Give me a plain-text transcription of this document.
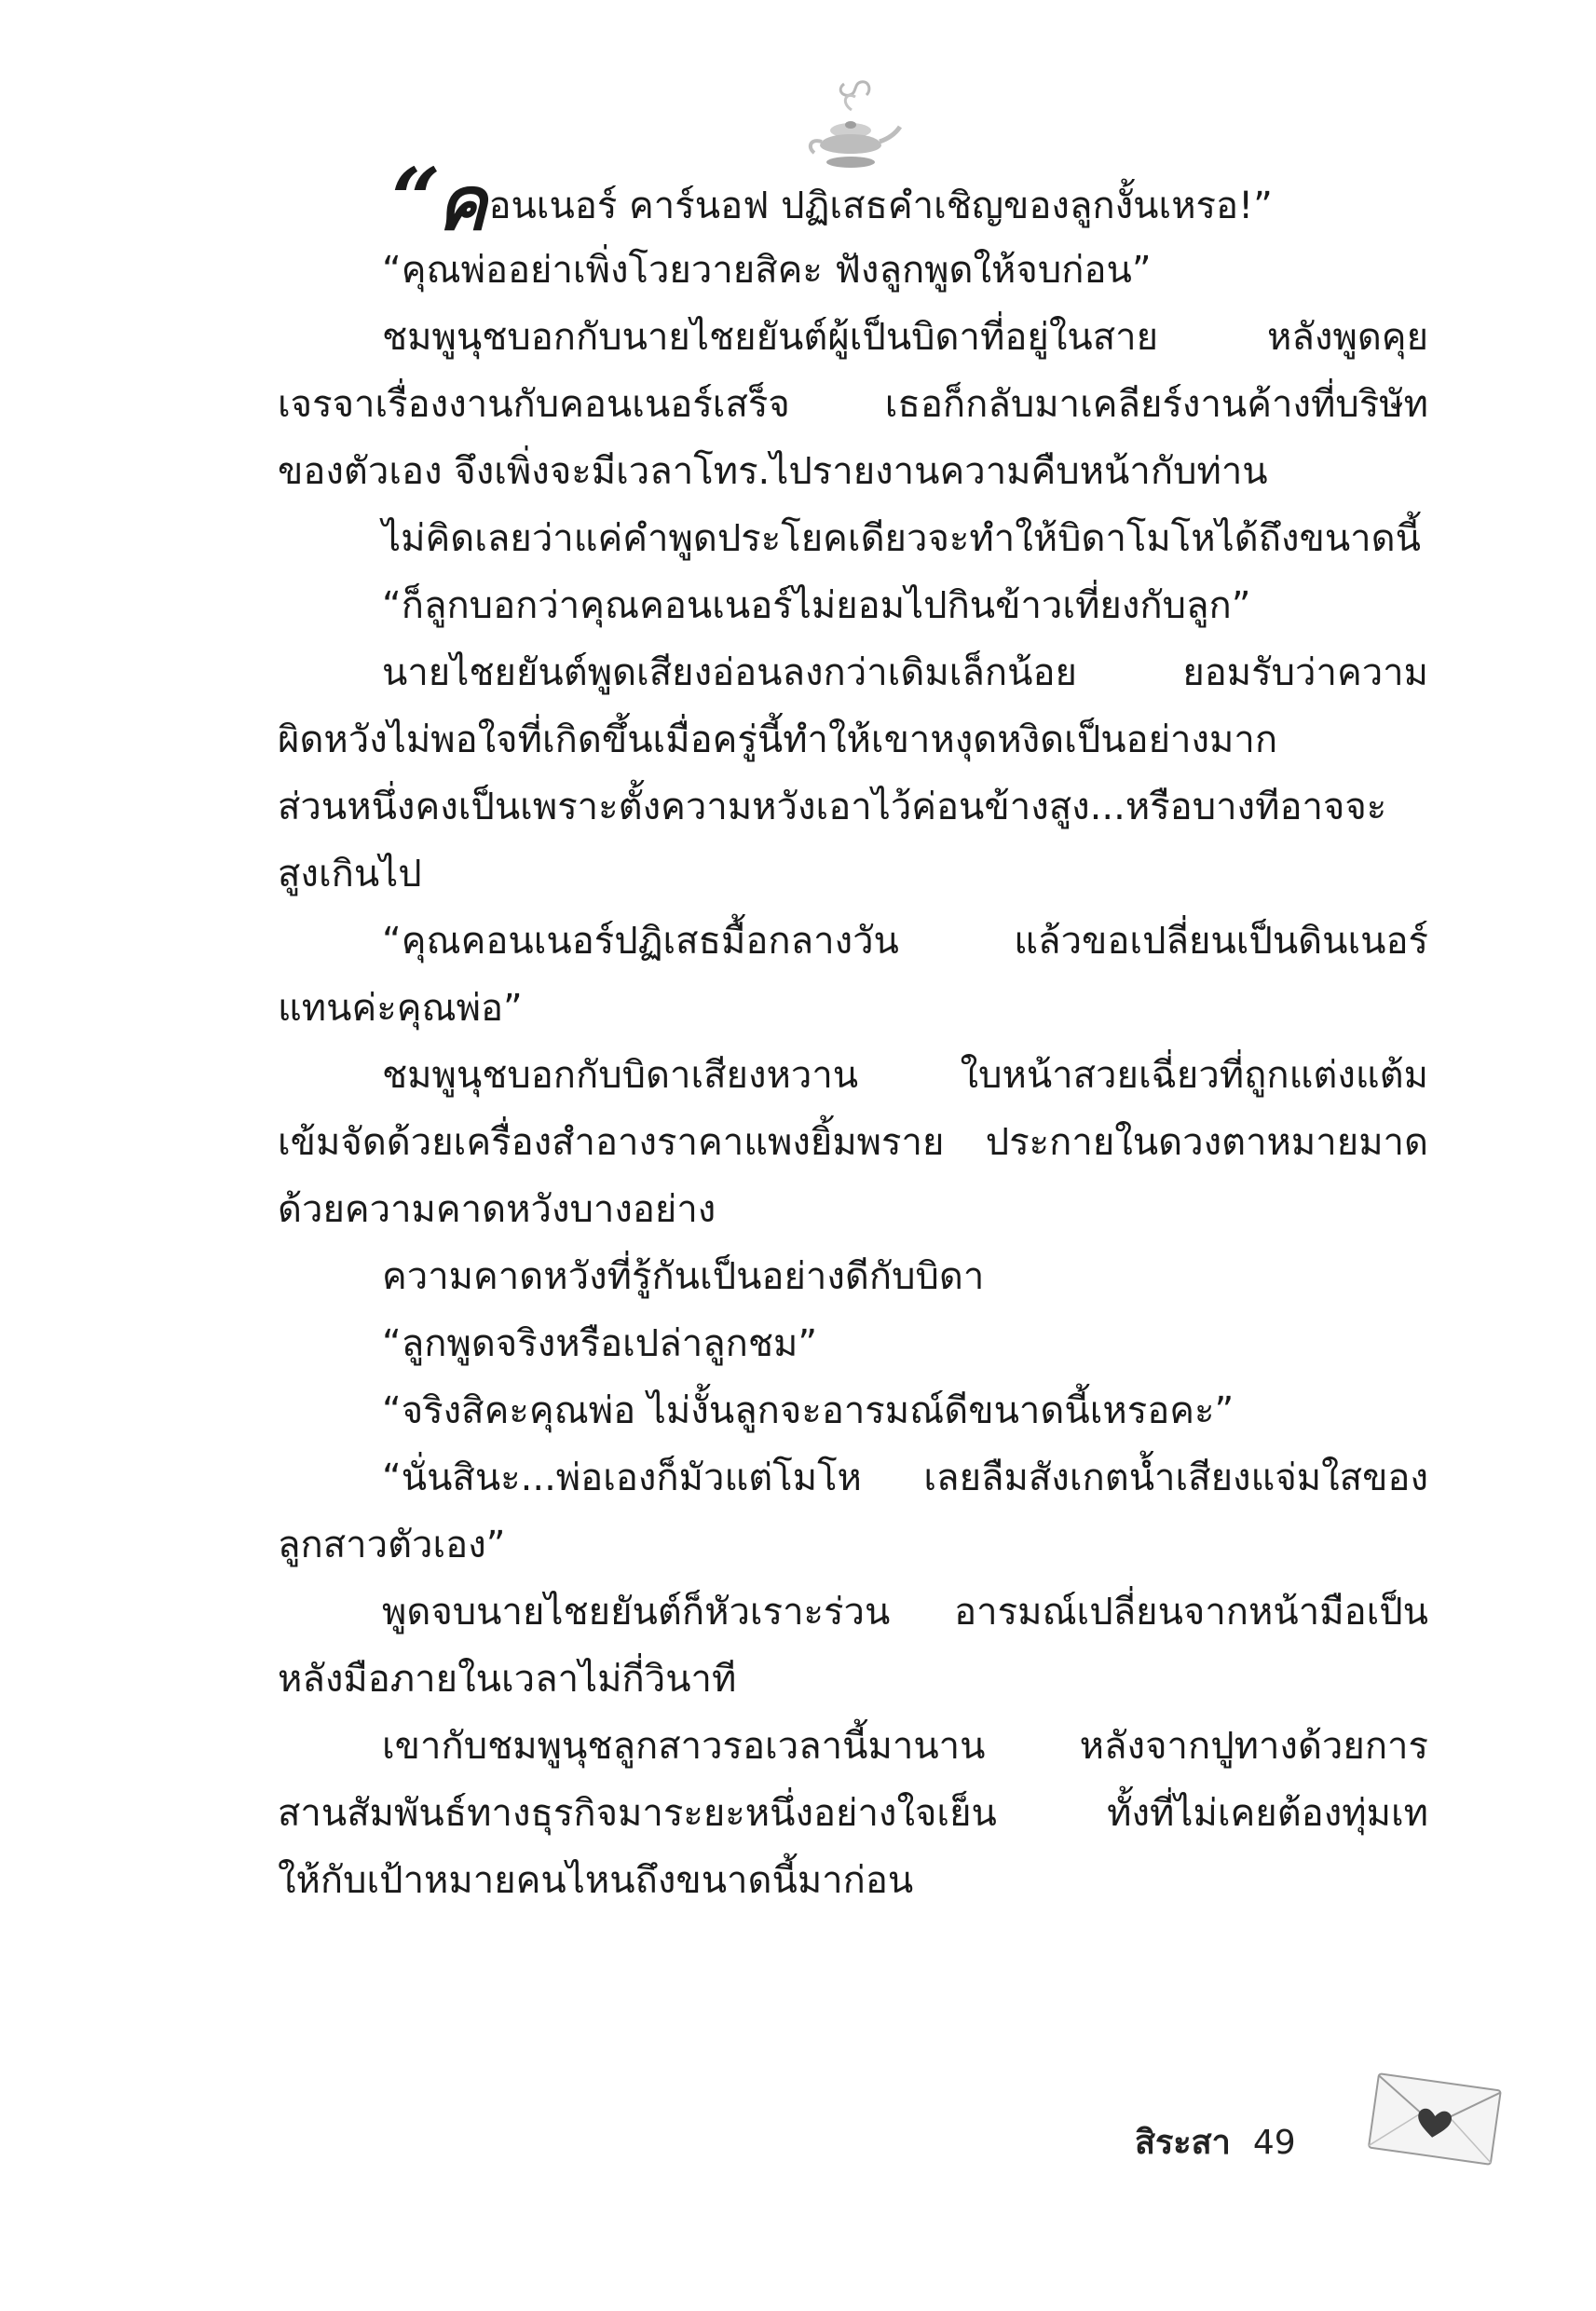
“คอนเนอร์ คาร์นอฟ ปฏิเสธคำเชิญของลูกงั้นเหรอ!”
“คุณพ่ออย่าเพิ่งโวยวายสิคะ ฟังลูกพูดให้จบก่อน”
ชมพูนุชบอกกับนายไชยยันต์ผู้เป็นบิดาที่อยู่ในสาย หลังพูดคุย
เจรจาเรื่องงานกับคอนเนอร์เสร็จ เธอก็กลับมาเคลียร์งานค้างที่บริษัท
ของตัวเอง จึงเพิ่งจะมีเวลาโทร.ไปรายงานความคืบหน้ากับท่าน
ไม่คิดเลยว่าแค่คำพูดประโยคเดียวจะทำให้บิดาโมโหได้ถึงขนาดนี้
“ก็ลูกบอกว่าคุณคอนเนอร์ไม่ยอมไปกินข้าวเที่ยงกับลูก”
นายไชยยันต์พูดเสียงอ่อนลงกว่าเดิมเล็กน้อย ยอมรับว่าความ
ผิดหวังไม่พอใจที่เกิดขึ้นเมื่อครู่นี้ทำให้เขาหงุดหงิดเป็นอย่างมาก
ส่วนหนึ่งคงเป็นเพราะตั้งความหวังเอาไว้ค่อนข้างสูง...หรือบางทีอาจจะ
สูงเกินไป
“คุณคอนเนอร์ปฏิเสธมื้อกลางวัน แล้วขอเปลี่ยนเป็นดินเนอร์
แทนค่ะคุณพ่อ”
ชมพูนุชบอกกับบิดาเสียงหวาน ใบหน้าสวยเฉี่ยวที่ถูกแต่งแต้ม
เข้มจัดด้วยเครื่องสำอางราคาแพงยิ้มพราย ประกายในดวงตาหมายมาด
ด้วยความคาดหวังบางอย่าง
ความคาดหวังที่รู้กันเป็นอย่างดีกับบิดา
“ลูกพูดจริงหรือเปล่าลูกชม”
“จริงสิคะคุณพ่อ ไม่งั้นลูกจะอารมณ์ดีขนาดนี้เหรอคะ”
“นั่นสินะ...พ่อเองก็มัวแต่โมโห เลยลืมสังเกตน้ำเสียงแจ่มใสของ
ลูกสาวตัวเอง”
พูดจบนายไชยยันต์ก็หัวเราะร่วน อารมณ์เปลี่ยนจากหน้ามือเป็น
หลังมือภายในเวลาไม่กี่วินาที
เขากับชมพูนุชลูกสาวรอเวลานี้มานาน หลังจากปูทางด้วยการ
สานสัมพันธ์ทางธุรกิจมาระยะหนึ่งอย่างใจเย็น ทั้งที่ไม่เคยต้องทุ่มเท
ให้กับเป้าหมายคนไหนถึงขนาดนี้มาก่อน
สิระสา 49
